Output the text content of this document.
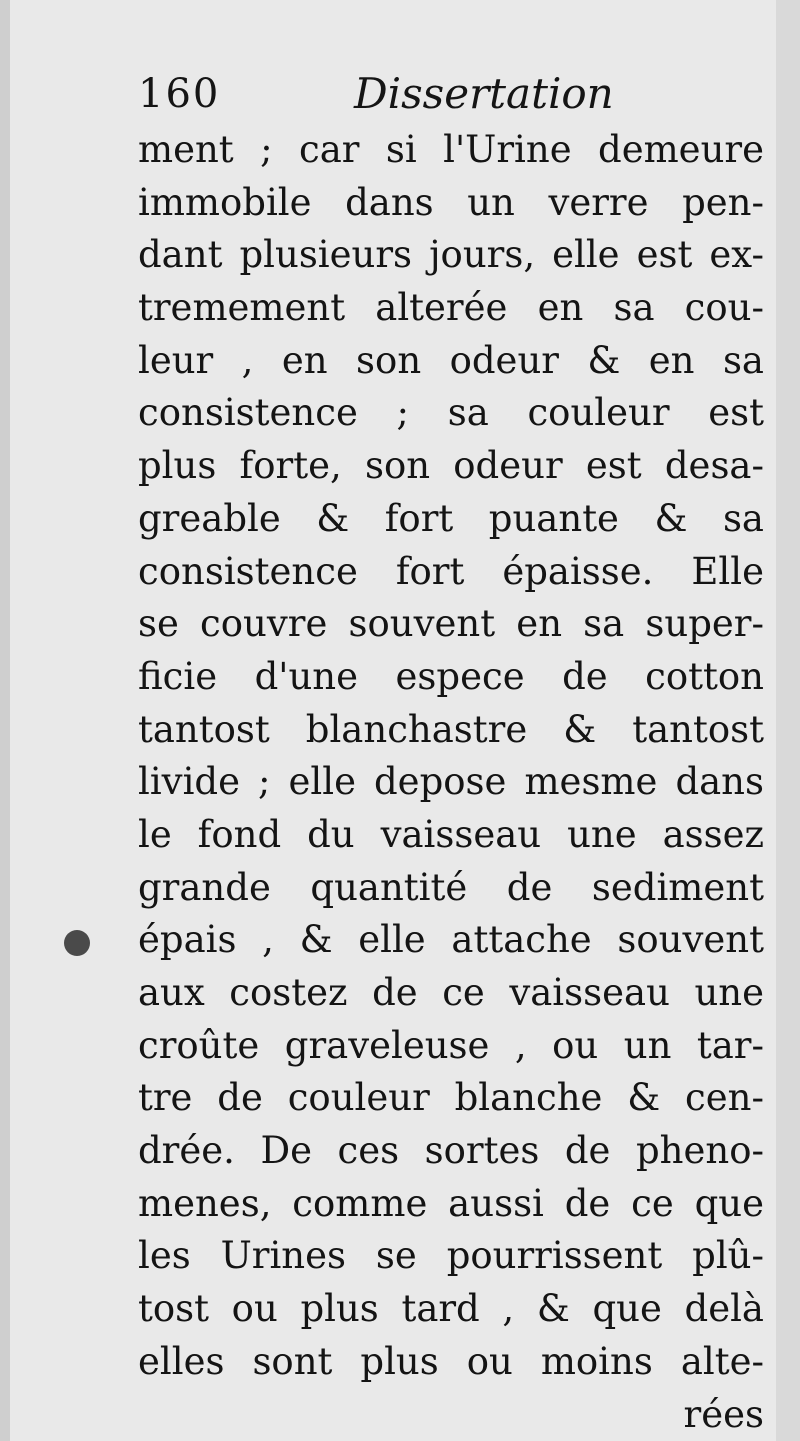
160	Dissertation
ment ; car si l'Urine demeure
immobile dans un verre pen-
dant plusieurs jours, elle est ex-
tremement alterée en sa cou-
leur , en son odeur & en sa
consistence ; sa couleur est
plus forte, son odeur est desa-
greable & fort puante & sa
consistence fort épaisse. Elle
se couvre souvent en sa super-
ficie d'une espece de cotton
tantost blanchastre & tantost
livide ; elle depose mesme dans
le fond du vaisseau une assez
grande quantité de sediment
épais , & elle attache souvent
aux costez de ce vaisseau une
croûte graveleuse , ou un tar-
tre de couleur blanche & cen-
drée. De ces sortes de pheno-
menes, comme aussi de ce que
les Urines se pourrissent plû-
tost ou plus tard , & que delà
elles sont plus ou moins alte-
rées
